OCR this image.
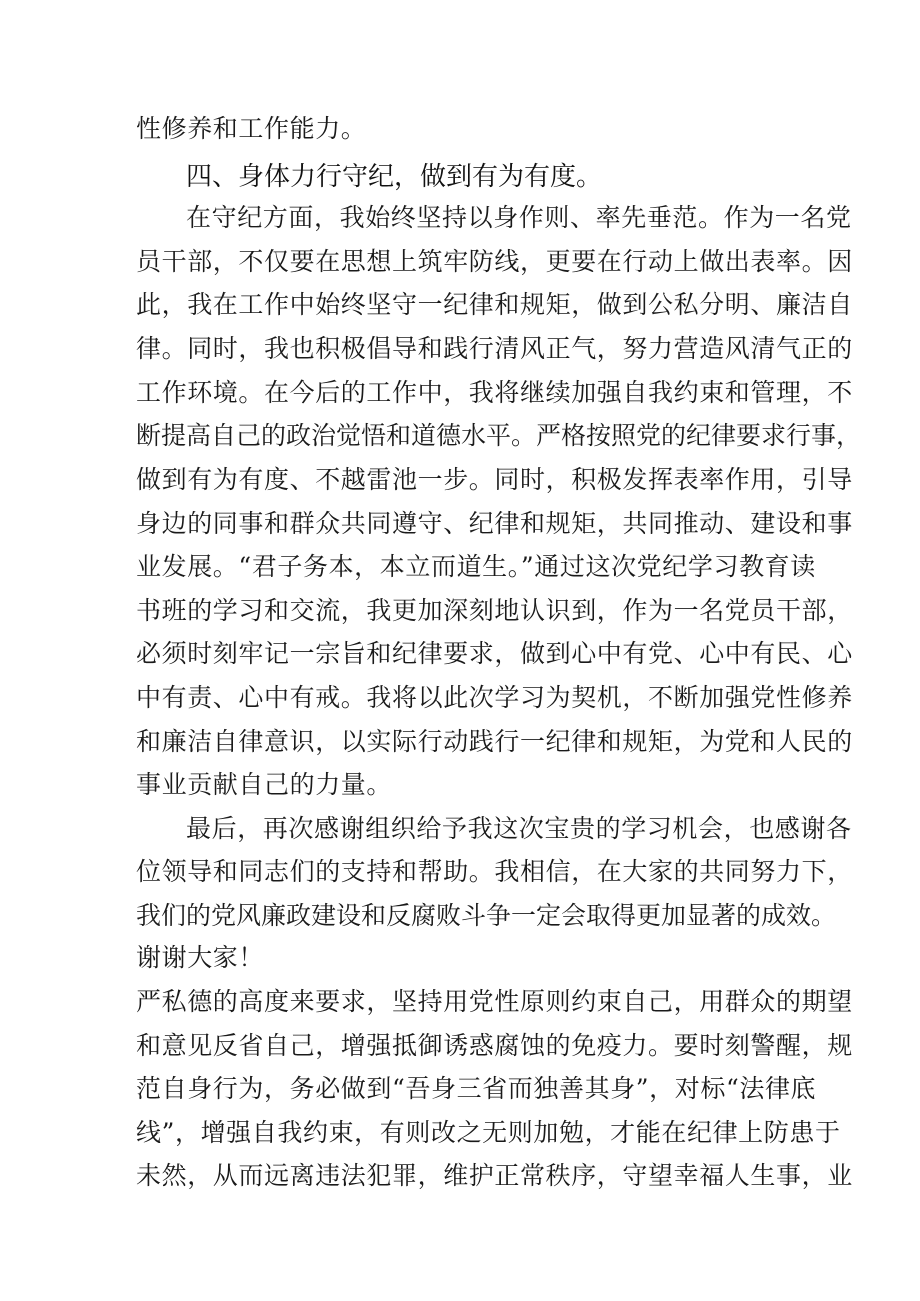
性修养和工作能力。
四、身体力行守纪，做到有为有度。
在守纪方面，我始终坚持以身作则、率先垂范。作为一名党
员干部，不仅要在思想上筑牢防线，更要在行动上做出表率。因
此，我在工作中始终坚守一纪律和规矩，做到公私分明、廉洁自
律。同时，我也积极倡导和践行清风正气，努力营造风清气正的
工作环境。在今后的工作中，我将继续加强自我约束和管理，不
断提高自己的政治觉悟和道德水平。严格按照党的纪律要求行事，
做到有为有度、不越雷池一步。同时，积极发挥表率作用，引导
身边的同事和群众共同遵守、纪律和规矩，共同推动、建设和事
业发展。“君子务本，本立而道生。”通过这次党纪学习教育读
书班的学习和交流，我更加深刻地认识到，作为一名党员干部，
必须时刻牢记一宗旨和纪律要求，做到心中有党、心中有民、心
中有责、心中有戒。我将以此次学习为契机，不断加强党性修养
和廉洁自律意识，以实际行动践行一纪律和规矩，为党和人民的
事业贡献自己的力量。
最后，再次感谢组织给予我这次宝贵的学习机会，也感谢各
位领导和同志们的支持和帮助。我相信，在大家的共同努力下，
我们的党风廉政建设和反腐败斗争一定会取得更加显著的成效。
谢谢大家！
严私德的高度来要求，坚持用党性原则约束自己，用群众的期望
和意见反省自己，增强抵御诱惑腐蚀的免疫力。要时刻警醒，规
范自身行为，务必做到“吾身三省而独善其身”，对标“法律底
线”，增强自我约束，有则改之无则加勉，才能在纪律上防患于
未然，从而远离违法犯罪，维护正常秩序，守望幸福人生事，业
